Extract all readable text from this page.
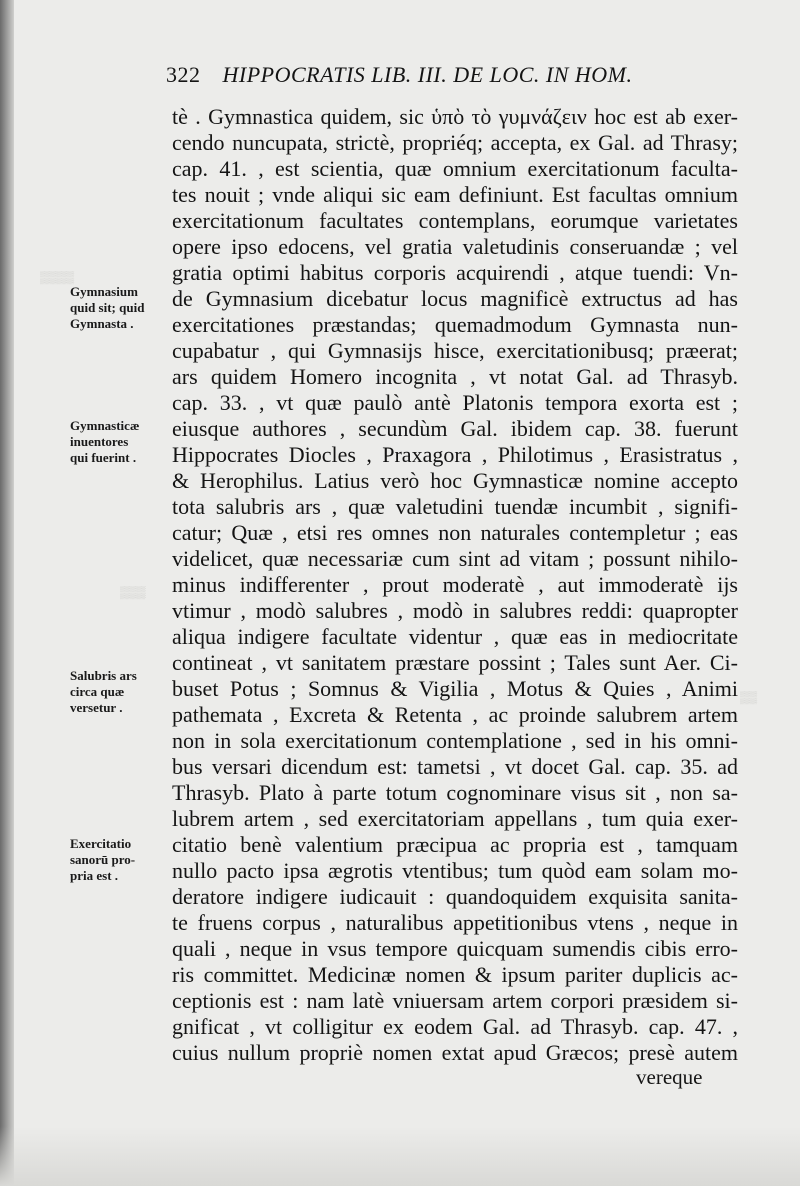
▒▒▒▒
▒▒▒
▒▒
322 HIPPOCRATIS LIB. III. DE LOC. IN HOM.
Gymnasium
quid sit; quid
Gymnasta .
Gymnasticæ
inuentores
qui fuerint .
Salubris ars
circa quæ
versetur .
Exercitatio
sanorū pro-
pria est .
tè . Gymnastica quidem, sic ὑπὸ τὸ γυμνάζειν hoc est ab exer-
cendo nuncupata, strictè, propriéq; accepta, ex Gal. ad Thrasy;
cap. 41. , est scientia, quæ omnium exercitationum faculta-
tes nouit ; vnde aliqui sic eam definiunt. Est facultas omnium
exercitationum facultates contemplans, eorumque varietates
opere ipso edocens, vel gratia valetudinis conseruandæ ; vel
gratia optimi habitus corporis acquirendi , atque tuendi: Vn-
de Gymnasium dicebatur locus magnificè extructus ad has
exercitationes præstandas; quemadmodum Gymnasta nun-
cupabatur , qui Gymnasijs hisce, exercitationibusq; præerat;
ars quidem Homero incognita , vt notat Gal. ad Thrasyb.
cap. 33. , vt quæ paulò antè Platonis tempora exorta est ;
eiusque authores , secundùm Gal. ibidem cap. 38. fuerunt
Hippocrates Diocles , Praxagora , Philotimus , Erasistratus ,
& Herophilus. Latius verò hoc Gymnasticæ nomine accepto
tota salubris ars , quæ valetudini tuendæ incumbit , signifi-
catur; Quæ , etsi res omnes non naturales contempletur ; eas
videlicet, quæ necessariæ cum sint ad vitam ; possunt nihilo-
minus indifferenter , prout moderatè , aut immoderatè ijs
vtimur , modò salubres , modò in salubres reddi: quapropter
aliqua indigere facultate videntur , quæ eas in mediocritate
contineat , vt sanitatem præstare possint ; Tales sunt Aer. Ci-
buset Potus ; Somnus & Vigilia , Motus & Quies , Animi
pathemata , Excreta & Retenta , ac proinde salubrem artem
non in sola exercitationum contemplatione , sed in his omni-
bus versari dicendum est: tametsi , vt docet Gal. cap. 35. ad
Thrasyb. Plato à parte totum cognominare visus sit , non sa-
lubrem artem , sed exercitatoriam appellans , tum quia exer-
citatio benè valentium præcipua ac propria est , tamquam
nullo pacto ipsa ægrotis vtentibus; tum quòd eam solam mo-
deratore indigere iudicauit : quandoquidem exquisita sanita-
te fruens corpus , naturalibus appetitionibus vtens , neque in
quali , neque in vsus tempore quicquam sumendis cibis erro-
ris committet. Medicinæ nomen & ipsum pariter duplicis ac-
ceptionis est : nam latè vniuersam artem corpori præsidem si-
gnificat , vt colligitur ex eodem Gal. ad Thrasyb. cap. 47. ,
cuius nullum propriè nomen extat apud Græcos; presè autem
vereque
